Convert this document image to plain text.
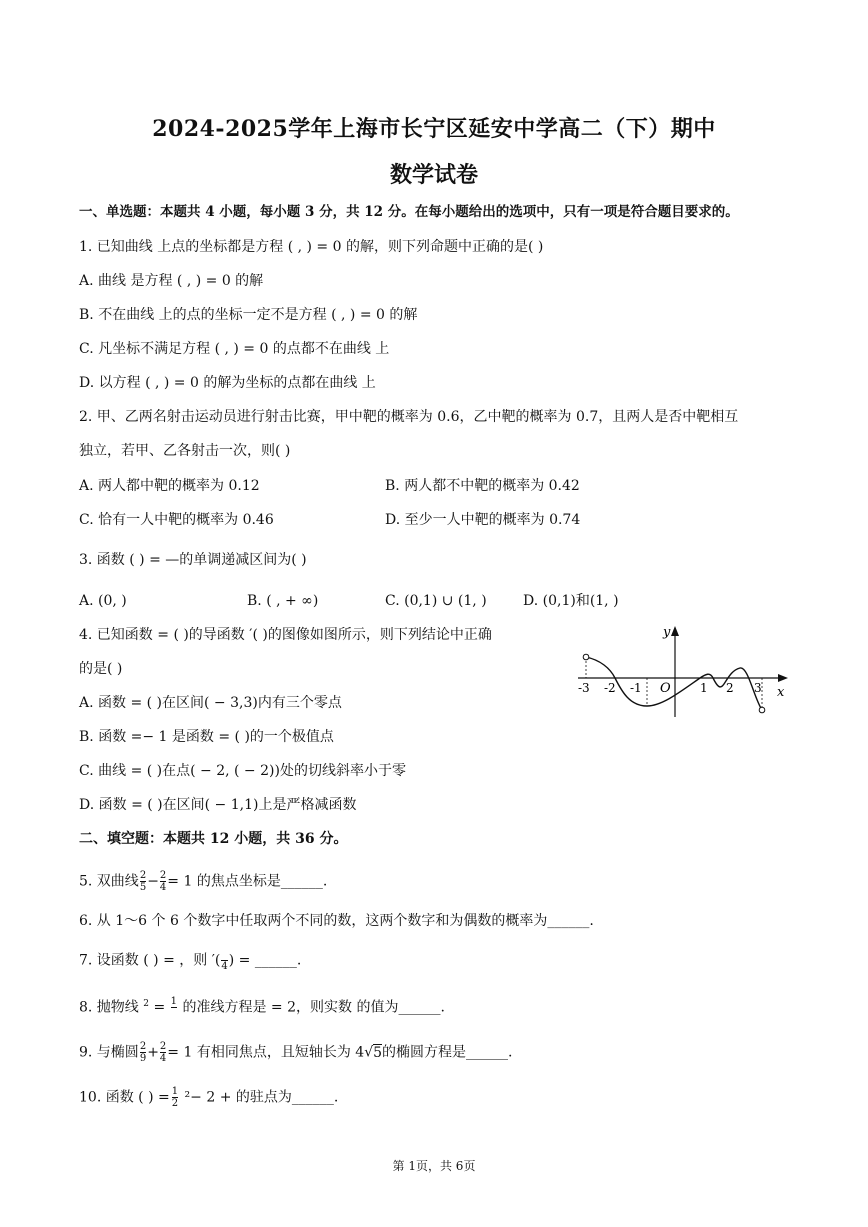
2024-2025学年上海市长宁区延安中学高二（下）期中
数学试卷
一、单选题：本题共 4 小题，每小题 3 分，共 12 分。在每小题给出的选项中，只有一项是符合题目要求的。
1. 已知曲线 上点的坐标都是方程 ( , ) = 0 的解，则下列命题中正确的是( )
A. 曲线 是方程 ( , ) = 0 的解
B. 不在曲线 上的点的坐标一定不是方程 ( , ) = 0 的解
C. 凡坐标不满足方程 ( , ) = 0 的点都不在曲线 上
D. 以方程 ( , ) = 0 的解为坐标的点都在曲线 上
2. 甲、乙两名射击运动员进行射击比赛，甲中靶的概率为 0.6，乙中靶的概率为 0.7，且两人是否中靶相互
独立，若甲、乙各射击一次，则( )
A. 两人都中靶的概率为 0.12	B. 两人都不中靶的概率为 0.42
C. 恰有一人中靶的概率为 0.46	D. 至少一人中靶的概率为 0.74
3. 函数 ( ) = —的单调递减区间为( )
A. (0, )	B. ( , + ∞)	C. (0,1) ∪ (1, )	D. (0,1)和(1, )
4. 已知函数 = ( )的导函数 ′( )的图像如图所示，则下列结论中正确
的是( )
A. 函数 = ( )在区间( − 3,3)内有三个零点
B. 函数 =− 1 是函数 = ( )的一个极值点
C. 曲线 = ( )在点( − 2, ( − 2))处的切线斜率小于零
D. 函数 = ( )在区间( − 1,1)上是严格减函数
y
x
O
-3 -2 -1	1 2 3
二、填空题：本题共 12 小题，共 36 分。
5. 双曲线 $\frac{2}{5} - \frac{2}{4} = 1$ 的焦点坐标是______.
6. 从 1～6 个 6 个数字中任取两个不同的数，这两个数字和为偶数的概率为______.
7. 设函数 ( ) = ，则 ′(
4 ) = ______.
8. 抛物线 $^2$ = 1
的准线方程是 = 2，则实数 的值为______.
9. 与椭圆 $\frac{2}{9} + \frac{2}{4} = 1$ 有相同焦点，且短轴长为 4√5的椭圆方程是______.
10. 函数 ( ) = $\frac{1}{2} ^2- 2$ + 的驻点为______.
第 1页，共 6页
